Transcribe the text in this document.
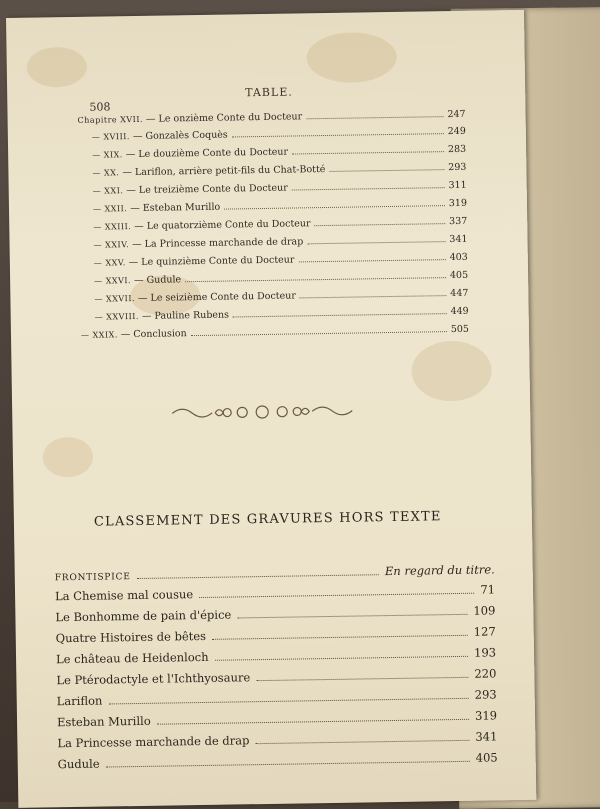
TABLE.
508
Chapitre XVII. — Le onzième Conte du Docteur	247
— XVIII. — Gonzalès Coquès	249
— XIX. — Le douzième Conte du Docteur	283
— XX. — Lariflon, arrière petit-fils du Chat-Botté	293
— XXI. — Le treizième Conte du Docteur	311
— XXII. — Esteban Murillo	319
— XXIII. — Le quatorzième Conte du Docteur	337
— XXIV. — La Princesse marchande de drap	341
— XXV. — Le quinzième Conte du Docteur	403
— XXVI. — Gudule	405
— XXVII. — Le seizième Conte du Docteur	447
— XXVIII. — Pauline Rubens	449
— XXIX. — Conclusion	505
CLASSEMENT DES GRAVURES HORS TEXTE
FRONTISPICE	En regard du titre.
La Chemise mal cousue	71
Le Bonhomme de pain d'épice	109
Quatre Histoires de bêtes	127
Le château de Heidenloch	193
Le Ptérodactyle et l'Ichthyosaure	220
Lariflon	293
Esteban Murillo	319
La Princesse marchande de drap	341
Gudule	405
